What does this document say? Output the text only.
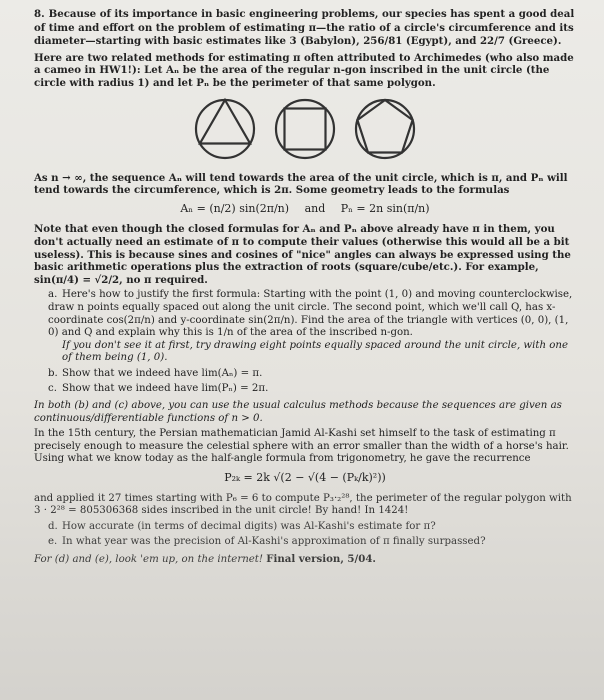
8. Because of its importance in basic engineering problems, our species has spent a good deal of time and effort on the problem of estimating π—the ratio of a circle's circumference and its diameter—starting with basic estimates like 3 (Babylon), 256/81 (Egypt), and 22/7 (Greece).

Here are two related methods for estimating π often attributed to Archimedes (who also made a cameo in HW1!): Let Aₙ be the area of the regular n-gon inscribed in the unit circle (the circle with radius 1) and let Pₙ be the perimeter of that same polygon.

As n → ∞, the sequence Aₙ will tend towards the area of the unit circle, which is π, and Pₙ will tend towards the circumference, which is 2π. Some geometry leads to the formulas

Aₙ = (n/2) sin(2π/n) and Pₙ = 2n sin(π/n)

Note that even though the closed formulas for Aₙ and Pₙ above already have π in them, you don't actually need an estimate of π to compute their values (otherwise this would all be a bit useless). This is because sines and cosines of "nice" angles can always be expressed using the basic arithmetic operations plus the extraction of roots (square/cube/etc.). For example, sin(π/4) = √2/2, no π required.

a. Here's how to justify the first formula: Starting with the point (1, 0) and moving counterclockwise, draw n points equally spaced out along the unit circle. The second point, which we'll call Q, has x-coordinate cos(2π/n) and y-coordinate sin(2π/n). Find the area of the triangle with vertices (0, 0), (1, 0) and Q and explain why this is 1/n of the area of the inscribed n-gon.
If you don't see it at first, try drawing eight points equally spaced around the unit circle, with one of them being (1, 0).
b. Show that we indeed have lim(Aₙ) = π.
c. Show that we indeed have lim(Pₙ) = 2π.

In both (b) and (c) above, you can use the usual calculus methods because the sequences are given as continuous/differentiable functions of n > 0.

In the 15th century, the Persian mathematician Jamid Al-Kashi set himself to the task of estimating π precisely enough to measure the celestial sphere with an error smaller than the width of a horse's hair. Using what we know today as the half-angle formula from trigonometry, he gave the recurrence

P₂ₖ = 2k √(2 − √(4 − (Pₖ/k)²))

and applied it 27 times starting with P₆ = 6 to compute P₃·₂²⁸, the perimeter of the regular polygon with 3 · 2²⁸ = 805306368 sides inscribed in the unit circle! By hand! In 1424!

d. How accurate (in terms of decimal digits) was Al-Kashi's estimate for π?
e. In what year was the precision of Al-Kashi's approximation of π finally surpassed?

For (d) and (e), look 'em up, on the internet! Final version, 5/04.
